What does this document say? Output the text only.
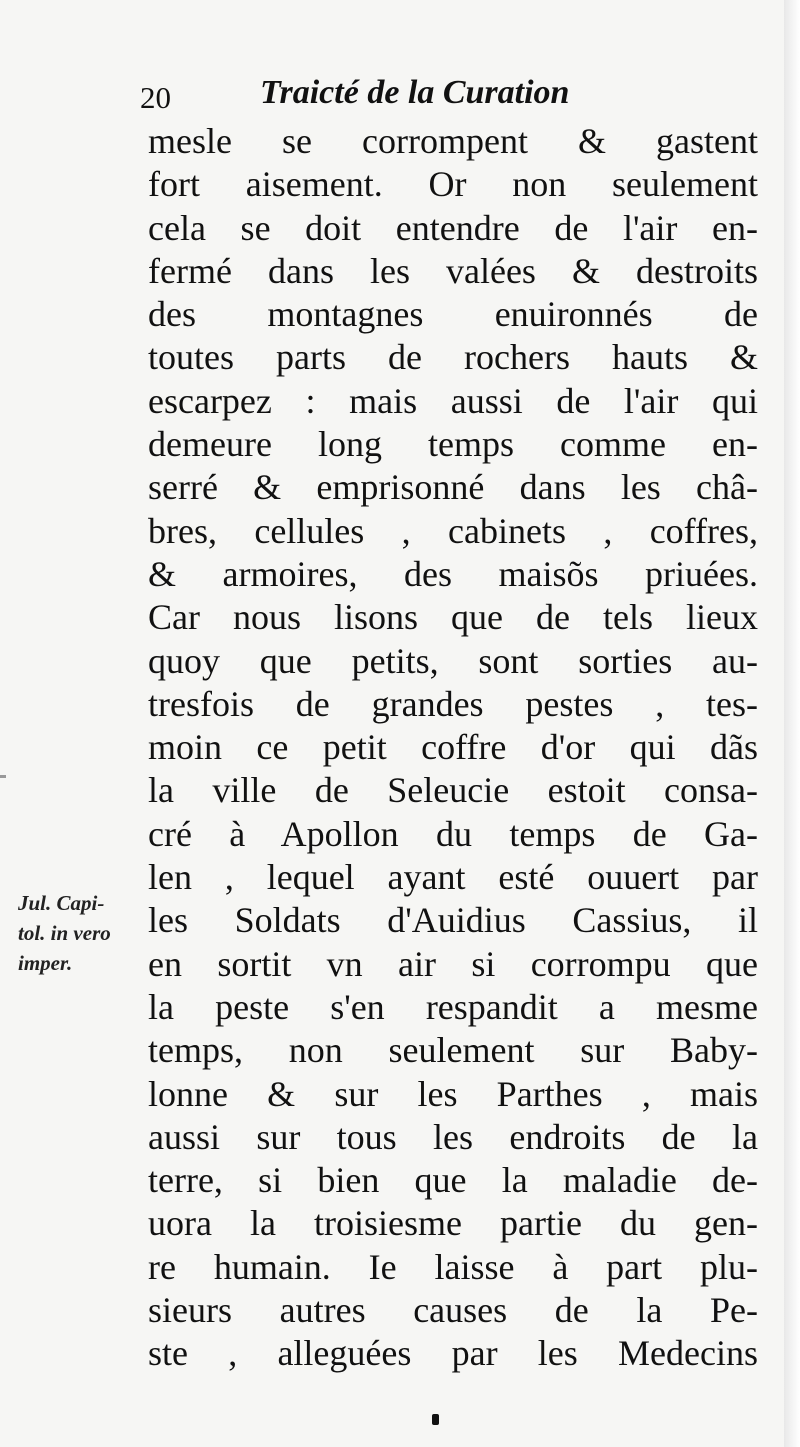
20	Traicté de la Curation
mesle se corrompent & gastent
fort aisement. Or non seulement
cela se doit entendre de l'air en-
fermé dans les valées & destroits
des montagnes enuironnés de
toutes parts de rochers hauts &
escarpez : mais aussi de l'air qui
demeure long temps comme en-
serré & emprisonné dans les châ-
bres, cellules , cabinets , coffres,
& armoires, des maisõs priuées.
Car nous lisons que de tels lieux
quoy que petits, sont sorties au-
tresfois de grandes pestes , tes-
moin ce petit coffre d'or qui dãs
la ville de Seleucie estoit consa-
cré à Apollon du temps de Ga-
len , lequel ayant esté ouuert par
les Soldats d'Auidius Cassius, il
en sortit vn air si corrompu que
la peste s'en respandit a mesme
temps, non seulement sur Baby-
lonne & sur les Parthes , mais
aussi sur tous les endroits de la
terre, si bien que la maladie de-
uora la troisiesme partie du gen-
re humain. Ie laisse à part plu-
sieurs autres causes de la Pe-
ste , alleguées par les Medecins
Jul. Capi-
tol. in vero
imper.
